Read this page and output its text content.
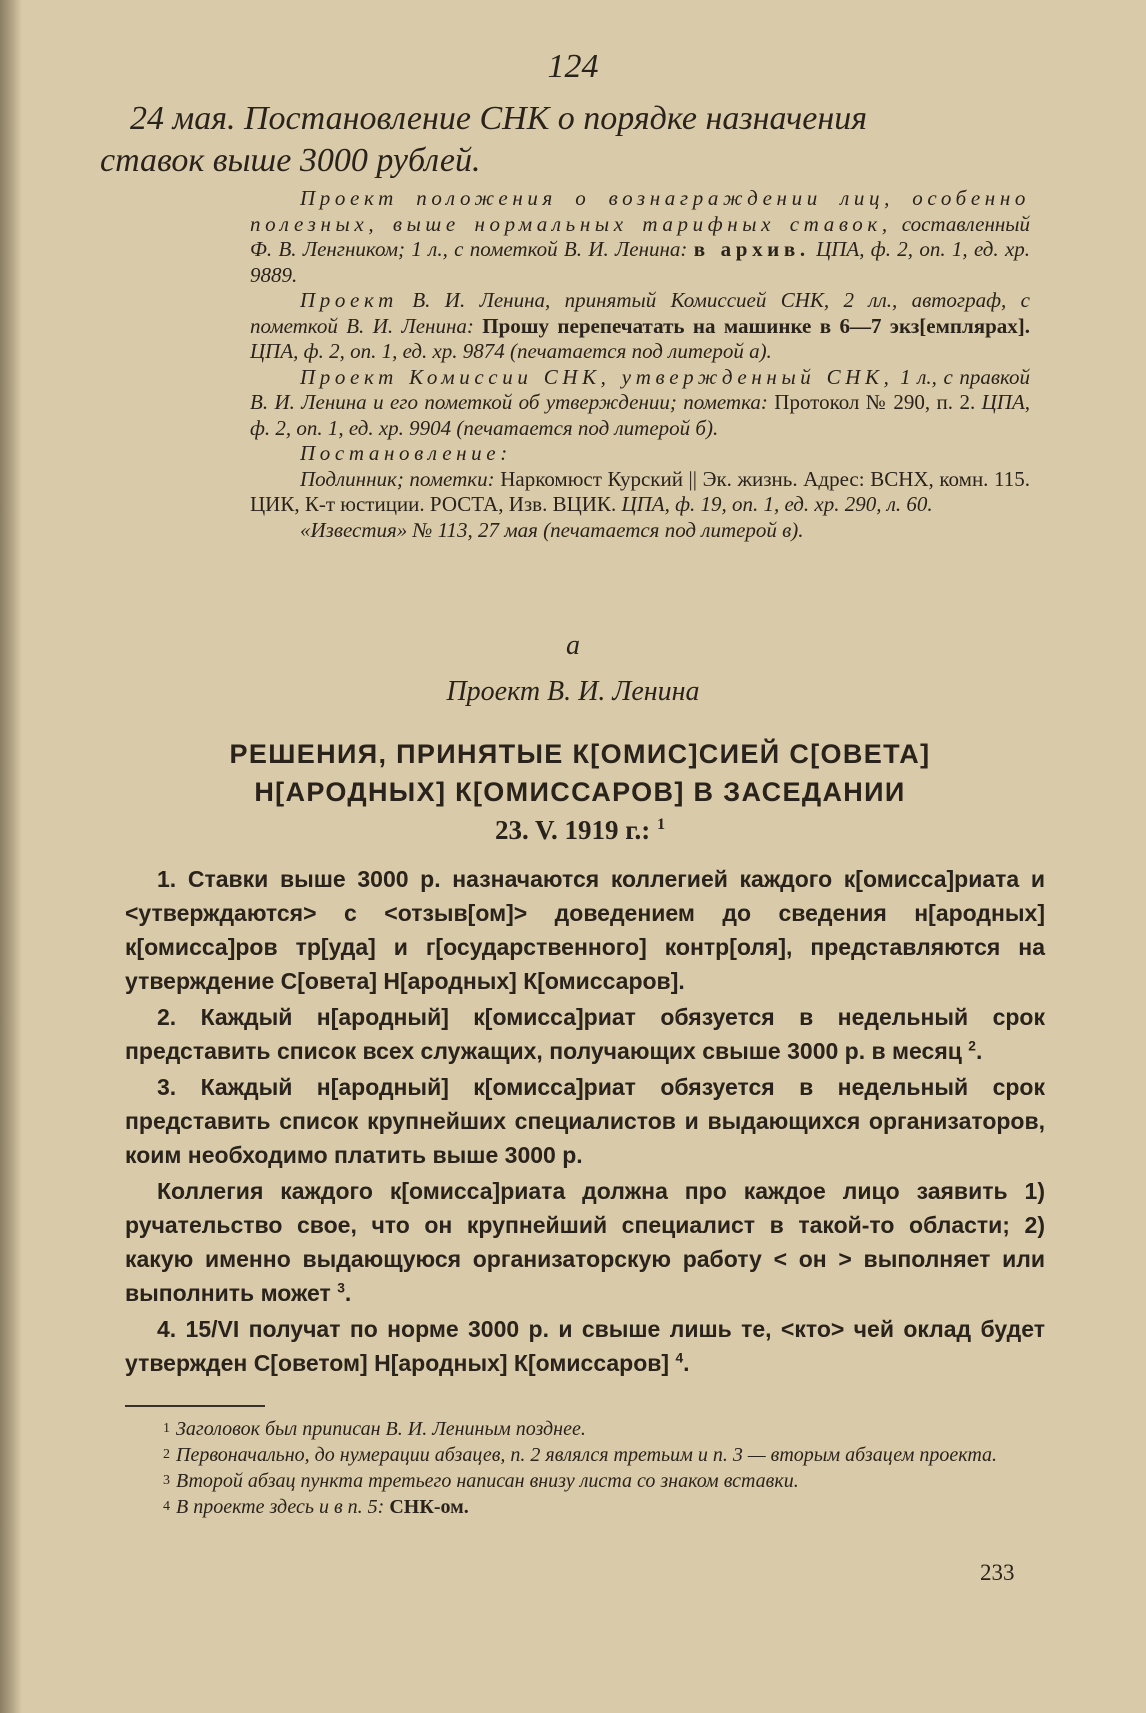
124
24 мая. Постановление СНК о порядке назначения
ставок выше 3000 рублей.

Проект положения о вознаграждении лиц, особенно полезных, выше нормальных тарифных ставок, составленный Ф. В. Ленгником; 1 л., с пометкой В. И. Ленина: в архив. ЦПА, ф. 2, оп. 1, ед. хр. 9889.

Проект В. И. Ленина, принятый Комиссией СНК, 2 лл., автограф, с пометкой В. И. Ленина: Прошу перепечатать на машинке в 6—7 экз[емплярах]. ЦПА, ф. 2, оп. 1, ед. хр. 9874 (печатается под литерой а).

Проект Комиссии СНК, утвержденный СНК, 1 л., с правкой В. И. Ленина и его пометкой об утверждении; пометка: Протокол № 290, п. 2. ЦПА, ф. 2, оп. 1, ед. хр. 9904 (печатается под литерой б).

Постановление:

Подлинник; пометки: Наркомюст Курский || Эк. жизнь. Адрес: ВСНХ, комн. 115. ЦИК, К-т юстиции. РОСТА, Изв. ВЦИК. ЦПА, ф. 19, оп. 1, ед. хр. 290, л. 60.

«Известия» № 113, 27 мая (печатается под литерой в).

а
Проект В. И. Ленина
РЕШЕНИЯ, ПРИНЯТЫЕ К[ОМИС]СИЕЙ С[ОВЕТА]
Н[АРОДНЫХ] К[ОМИССАРОВ] В ЗАСЕДАНИИ
23. V. 1919 г.: $^1$

1. Ставки выше 3000 р. назначаются коллегией каждого к[омисса]риата и <утверждаются> с <отзыв[ом]> доведением до сведения н[ародных] к[омисса]ров тр[уда] и г[осударственного] контр[оля], представляются на утверждение С[овета] Н[ародных] К[омиссаров].

2. Каждый н[ародный] к[омисса]риат обязуется в недельный срок представить список всех служащих, получающих свыше 3000 р. в месяц $^2$.

3. Каждый н[ародный] к[омисса]риат обязуется в недельный срок представить список крупнейших специалистов и выдающихся организаторов, коим необходимо платить выше 3000 р.

Коллегия каждого к[омисса]риата должна про каждое лицо заявить 1) ручательство свое, что он крупнейший специалист в такой-то области; 2) какую именно выдающуюся организаторскую работу < он > выполняет или выполнить может $^3$.

4. 15/VI получат по норме 3000 р. и свыше лишь те, <кто> чей оклад будет утвержден С[оветом] Н[ародных] К[омиссаров] $^4$.

1 Заголовок был приписан В. И. Лениным позднее.

2 Первоначально, до нумерации абзацев, п. 2 являлся третьим и п. 3 — вторым абзацем проекта.

3 Второй абзац пункта третьего написан внизу листа со знаком вставки.

4 В проекте здесь и в п. 5: СНК-ом.

233
